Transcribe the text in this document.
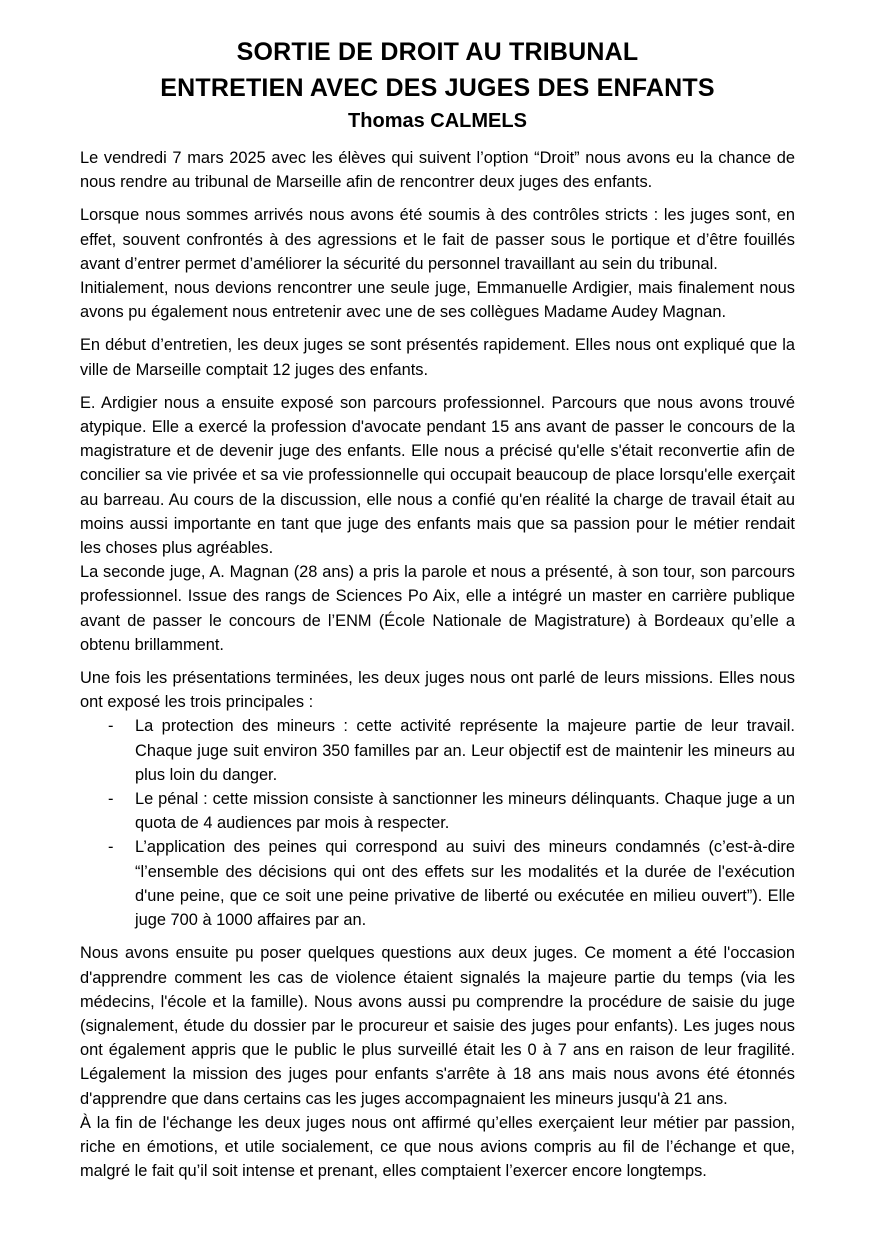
SORTIE DE DROIT AU TRIBUNAL
ENTRETIEN AVEC DES JUGES DES ENFANTS
Thomas CALMELS

Le vendredi 7 mars 2025 avec les élèves qui suivent l’option “Droit” nous avons eu la chance de nous rendre au tribunal de Marseille afin de rencontrer deux juges des enfants.

Lorsque nous sommes arrivés nous avons été soumis à des contrôles stricts : les juges sont, en effet, souvent confrontés à des agressions et le fait de passer sous le portique et d’être fouillés avant d’entrer permet d’améliorer la sécurité du personnel travaillant au sein du tribunal.

Initialement, nous devions rencontrer une seule juge, Emmanuelle Ardigier, mais finalement nous avons pu également nous entretenir avec une de ses collègues Madame Audey Magnan.

En début d’entretien, les deux juges se sont présentés rapidement. Elles nous ont expliqué que la ville de Marseille comptait 12 juges des enfants.

E. Ardigier nous a ensuite exposé son parcours professionnel. Parcours que nous avons trouvé atypique. Elle a exercé la profession d'avocate pendant 15 ans avant de passer le concours de la magistrature et de devenir juge des enfants. Elle nous a précisé qu'elle s'était reconvertie afin de concilier sa vie privée et sa vie professionnelle qui occupait beaucoup de place lorsqu'elle exerçait au barreau. Au cours de la discussion, elle nous a confié qu'en réalité la charge de travail était au moins aussi importante en tant que juge des enfants mais que sa passion pour le métier rendait les choses plus agréables.

La seconde juge, A. Magnan (28 ans) a pris la parole et nous a présenté, à son tour, son parcours professionnel. Issue des rangs de Sciences Po Aix, elle a intégré un master en carrière publique avant de passer le concours de l’ENM (École Nationale de Magistrature) à Bordeaux qu’elle a obtenu brillamment.

Une fois les présentations terminées, les deux juges nous ont parlé de leurs missions. Elles nous ont exposé les trois principales :

-	La protection des mineurs : cette activité représente la majeure partie de leur travail. Chaque juge suit environ 350 familles par an. Leur objectif est de maintenir les mineurs au plus loin du danger.
-	Le pénal : cette mission consiste à sanctionner les mineurs délinquants. Chaque juge a un quota de 4 audiences par mois à respecter.
-	L’application des peines qui correspond au suivi des mineurs condamnés (c’est-à-dire “l’ensemble des décisions qui ont des effets sur les modalités et la durée de l'exécution d'une peine, que ce soit une peine privative de liberté ou exécutée en milieu ouvert”). Elle juge 700 à 1000 affaires par an.

Nous avons ensuite pu poser quelques questions aux deux juges. Ce moment a été l'occasion d'apprendre comment les cas de violence étaient signalés la majeure partie du temps (via les médecins, l'école et la famille). Nous avons aussi pu comprendre la procédure de saisie du juge (signalement, étude du dossier par le procureur et saisie des juges pour enfants). Les juges nous ont également appris que le public le plus surveillé était les 0 à 7 ans en raison de leur fragilité. Légalement la mission des juges pour enfants s'arrête à 18 ans mais nous avons été étonnés d'apprendre que dans certains cas les juges accompagnaient les mineurs jusqu'à 21 ans.

À la fin de l'échange les deux juges nous ont affirmé qu’elles exerçaient leur métier par passion, riche en émotions, et utile socialement, ce que nous avions compris au fil de l’échange et que, malgré le fait qu’il soit intense et prenant, elles comptaient l’exercer encore longtemps.
